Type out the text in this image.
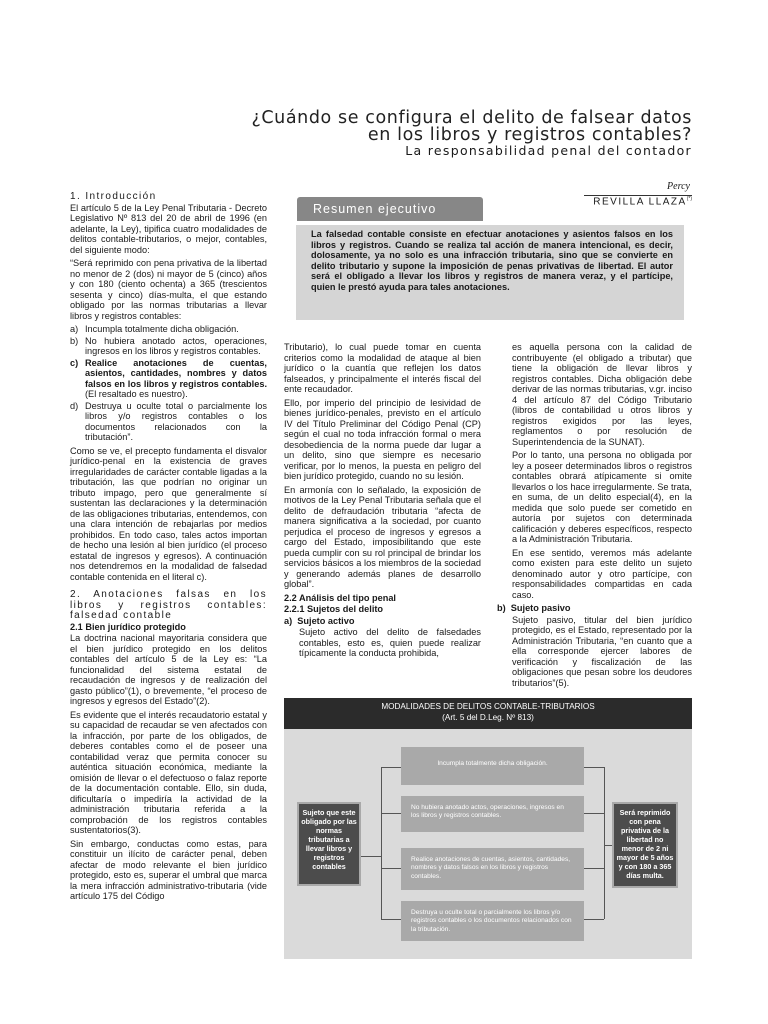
¿Cuándo se configura el delito de falsear datos
en los libros y registros contables?
La responsabilidad penal del contador
Percy
REVILLA LLAZA(*)
Resumen ejecutivo
La falsedad contable consiste en efectuar anotaciones y asientos falsos en los libros y registros. Cuando se realiza tal acción de manera intencional, es decir, dolosamente, ya no solo es una infracción tributaria, sino que se convierte en delito tributario y supone la imposición de penas privativas de libertad. El autor será el obligado a llevar los libros y registros de manera veraz, y el partícipe, quien le prestó ayuda para tales anotaciones.

1. Introducción

El artículo 5 de la Ley Penal Tributaria - Decreto Legislativo Nº 813 del 20 de abril de 1996 (en adelante, la Ley), tipifica cuatro modalidades de delitos contable-tributarios, o mejor, contables, del siguiente modo:

“Será reprimido con pena privativa de la libertad no menor de 2 (dos) ni mayor de 5 (cinco) años y con 180 (ciento ochenta) a 365 (trescientos sesenta y cinco) días-multa, el que estando obligado por las normas tributarias a llevar libros y registros contables:

a) Incumpla totalmente dicha obligación.
b) No hubiera anotado actos, operaciones, ingresos en los libros y registros contables.
c) Realice anotaciones de cuentas, asientos, cantidades, nombres y datos falsos en los libros y registros contables. (El resaltado es nuestro).
d) Destruya u oculte total o parcialmente los libros y/o registros contables o los documentos relacionados con la tributación”.

Como se ve, el precepto fundamenta el disvalor jurídico-penal en la existencia de graves irregularidades de carácter contable ligadas a la tributación, las que podrían no originar un tributo impago, pero que generalmente sí sustentan las declaraciones y la determinación de las obligaciones tributarias, entendemos, con una clara intención de rebajarlas por medios prohibidos. En todo caso, tales actos importan de hecho una lesión al bien jurídico (el proceso estatal de ingresos y egresos). A continuación nos detendremos en la modalidad de falsedad contable contenida en el literal c).

2. Anotaciones falsas en los libros y registros contables: falsedad contable

2.1 Bien jurídico protegido

La doctrina nacional mayoritaria considera que el bien jurídico protegido en los delitos contables del artículo 5 de la Ley es: “La funcionalidad del sistema estatal de recaudación de ingresos y de realización del gasto público”(1), o brevemente, “el proceso de ingresos y egresos del Estado”(2).

Es evidente que el interés recaudatorio estatal y su capacidad de recaudar se ven afectados con la infracción, por parte de los obligados, de deberes contables como el de poseer una contabilidad veraz que permita conocer su auténtica situación económica, mediante la omisión de llevar o el defectuoso o falaz reporte de la documentación contable. Ello, sin duda, dificultaría o impediría la actividad de la administración tributaria referida a la comprobación de los registros contables sustentatorios(3).

Sin embargo, conductas como estas, para constituir un ilícito de carácter penal, deben afectar de modo relevante el bien jurídico protegido, esto es, superar el umbral que marca la mera infracción administrativo-tributaria (vide artículo 175 del Código

Tributario), lo cual puede tomar en cuenta criterios como la modalidad de ataque al bien jurídico o la cuantía que reflejen los datos falseados, y principalmente el interés fiscal del ente recaudador.

Ello, por imperio del principio de lesividad de bienes jurídico-penales, previsto en el artículo IV del Título Preliminar del Código Penal (CP) según el cual no toda infracción formal o mera desobediencia de la norma puede dar lugar a un delito, sino que siempre es necesario verificar, por lo menos, la puesta en peligro del bien jurídico protegido, cuando no su lesión.

En armonía con lo señalado, la exposición de motivos de la Ley Penal Tributaria señala que el delito de defraudación tributaria “afecta de manera significativa a la sociedad, por cuanto perjudica el proceso de ingresos y egresos a cargo del Estado, imposibilitando que este pueda cumplir con su rol principal de brindar los servicios básicos a los miembros de la sociedad y generando además planes de desarrollo global”.

2.2 Análisis del tipo penal

2.2.1 Sujetos del delito

a)  Sujeto activo

Sujeto activo del delito de falsedades contables, esto es, quien puede realizar típicamente la conducta prohibida,

es aquella persona con la calidad de contribuyente (el obligado a tributar) que tiene la obligación de llevar libros y registros contables. Dicha obligación debe derivar de las normas tributarias, v.gr. inciso 4 del artículo 87 del Código Tributario (libros de contabilidad u otros libros y registros exigidos por las leyes, reglamentos o por resolución de Superintendencia de la SUNAT).

Por lo tanto, una persona no obligada por ley a poseer determinados libros o registros contables obrará atípicamente si omite llevarlos o los hace irregularmente. Se trata, en suma, de un delito especial(4), en la medida que solo puede ser cometido en autoría por sujetos con determinada calificación y deberes específicos, respecto a la Administración Tributaria.

En ese sentido, veremos más adelante como existen para este delito un sujeto denominado autor y otro partícipe, con responsabilidades compartidas en cada caso.

b)  Sujeto pasivo

Sujeto pasivo, titular del bien jurídico protegido, es el Estado, representado por la Administración Tributaria, “en cuanto que a ella corresponde ejercer labores de verificación y fiscalización de las obligaciones que pesan sobre los deudores tributarios”(5).

MODALIDADES DE DELITOS CONTABLE-TRIBUTARIOS
(Art. 5 del D.Leg. Nº 813)
Sujeto que este obligado por las normas tributarias a llevar libros y registros contables
Será reprimido con pena privativa de la libertad no menor de 2 ni mayor de 5 años y con 180 a 365 días multa.
Incumpla totalmente dicha obligación.
No hubiera anotado actos, operaciones, ingresos en los libros y registros contables.
Realice anotaciones de cuentas, asientos, cantidades, nombres y datos falsos en los libros y registros contables.
Destruya u oculte total o parcialmente los libros y/o registros contables o los documentos relacionados con la tributación.
